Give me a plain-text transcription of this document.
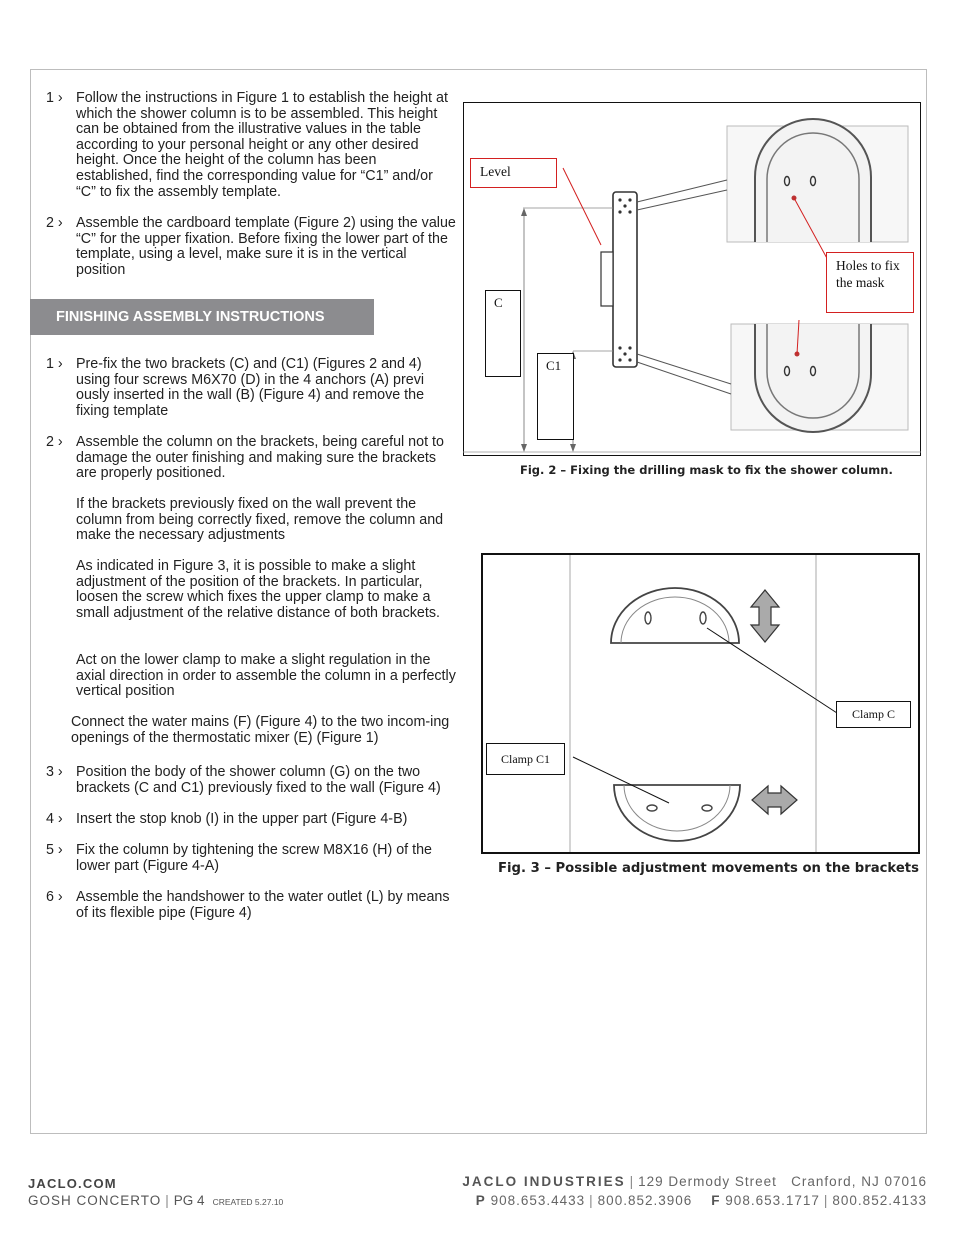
1 › Follow the instructions in Figure 1 to establish the height at which the shower column is to be assembled. This height can be obtained from the illustrative values in the table according to your personal height or any other desired height. Once the height of the column has been established, find the corresponding value for “C1” and/or “C” to fix the assembly template.
2 › Assemble the cardboard template (Figure 2) using the value “C” for the upper fixation. Before fixing the lower part of the template, using a level, make sure it is in the vertical position
FINISHING ASSEMBLY INSTRUCTIONS
1 › Pre-fix the two brackets (C) and (C1) (Figures 2 and 4) using four screws M6X70 (D) in the 4 anchors (A) previ ously inserted in the wall (B) (Figure 4) and remove the fixing template
2 › Assemble the column on the brackets, being careful not to damage the outer finishing and making sure the brackets are properly positioned.
If the brackets previously fixed on the wall prevent the column from being correctly fixed, remove the column and make the necessary adjustments
As indicated in Figure 3, it is possible to make a slight adjustment of the position of the brackets. In particular, loosen the screw which fixes the upper clamp to make a small adjustment of the relative distance of both brackets.
Act on the lower clamp to make a slight regulation in the axial direction in order to assemble the column in a perfectly vertical position
Connect the water mains (F) (Figure 4) to the two incom-ing openings of the thermostatic mixer (E) (Figure 1)
3 › Position the body of the shower column (G) on the two brackets (C and C1) previously fixed to the wall (Figure 4)
4 › Insert the stop knob (I) in the upper part (Figure 4-B)
5 › Fix the column by tightening the screw M8X16 (H) of the lower part (Figure 4-A)
6 › Assemble the handshower to the water outlet (L) by means of its flexible pipe (Figure 4)
Level
Holes to fix the mask
C
C1
Fig. 2 – Fixing the drilling mask to fix the shower column.
Clamp C
Clamp C1
Fig. 3 – Possible adjustment movements on the brackets
JACLO.COM
GOSH CONCERTO | PG 4 CREATED 5.27.10
JACLO INDUSTRIES | 129 Dermody Street   Cranford, NJ 07016
P 908.653.4433 | 800.852.3906 F 908.653.1717 | 800.852.4133
